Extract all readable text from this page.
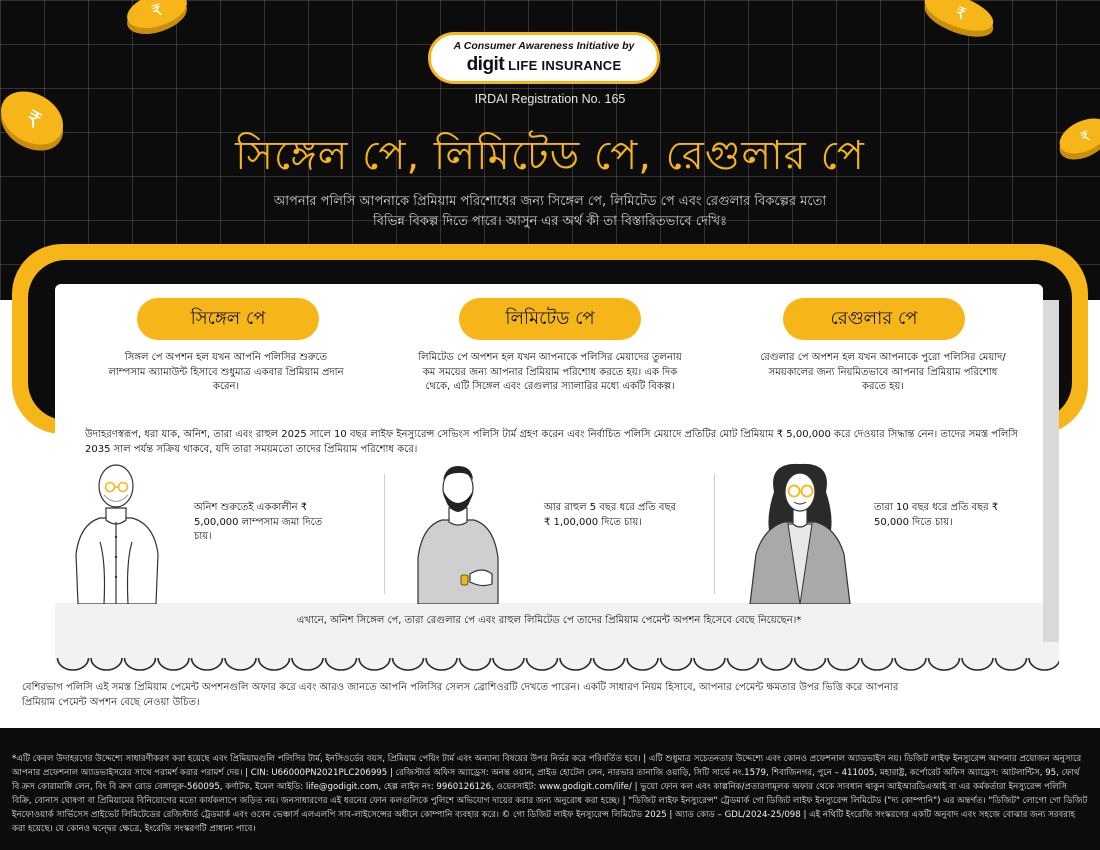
₹	₹
₹
₹
A Consumer Awareness Initiative by
digit LIFE INSURANCE
IRDAI Registration No. 165
সিঙ্গেল পে, লিমিটেড পে, রেগুলার পে
আপনার পলিসি আপনাকে প্রিমিয়াম পরিশোধের জন্য সিঙ্গেল পে, লিমিটেড পে এবং রেগুলার বিকল্পের মতো
বিভিন্ন বিকল্প দিতে পারে। আসুন এর অর্থ কী তা বিস্তারিতভাবে দেখিঃ
সিঙ্গেল পে	লিমিটেড পে	রেগুলার পে
সিঙ্গল পে অপশন হল যখন আপনি পলিসির শুরুতে লাম্পসাম অ্যামাউন্ট হিসাবে শুধুমাত্র একবার প্রিমিয়াম প্রদান করেন।
লিমিটেড পে অপশন হল যখন আপনাকে পলিসির মেয়াদের তুলনায় কম সময়ের জন্য আপনার প্রিমিয়াম পরিশোধ করতে হয়। এক দিক থেকে, এটি সিঙ্গেল এবং রেগুলার স্যালারির মধ্যে একটি বিকল্প।
রেগুলার পে অপশন হল যখন আপনাকে পুরো পলিসির মেয়াদ/সময়কালের জন্য নিয়মিতভাবে আপনার প্রিমিয়াম পরিশোধ করতে হয়।
উদাহরণস্বরূপ, ধরা যাক, অনিশ, তারা এবং রাহুল 2025 সালে 10 বছর লাইফ ইনস্যুরেন্স সেভিংস পলিসি টার্ম গ্রহণ করেন এবং নির্বাচিত পলিসি মেয়াদে প্রতিটির মোট প্রিমিয়াম ₹ 5,00,000 করে দেওয়ার সিদ্ধান্ত নেন। তাদের সমস্ত পলিসি 2035 সাল পর্যন্ত সক্রিয় থাকবে, যদি তারা সময়মতো তাদের প্রিমিয়াম পরিশোধ করে।
অনিশ শুরুতেই এককালীন ₹ 5,00,000 লাম্পসাম জমা দিতে চায়।
আর রাহুল 5 বছর ধরে প্রতি বছর ₹ 1,00,000 দিতে চায়।
তারা 10 বছর ধরে প্রতি বছর ₹ 50,000 দিতে চায়।
এখানে, অনিশ সিঙ্গেল পে, তারা রেগুলার পে এবং রাহুল লিমিটেড পে তাদের প্রিমিয়াম পেমেন্ট অপশন হিসেবে বেছে নিয়েছেন।*
বেশিরভাগ পলিসি এই সমস্ত প্রিমিয়াম পেমেন্ট অপশনগুলি অফার করে এবং আরও জানতে আপনি পলিসির সেলস ব্রোশিওরটি দেখতে পারেন। একটি সাধারণ নিয়ম হিসাবে, আপনার পেমেন্ট ক্ষমতার উপর ভিত্তি করে আপনার প্রিমিয়াম পেমেন্ট অপশন বেছে নেওয়া উচিত।
*এটি কেবল উদাহরণের উদ্দেশ্যে সাধারণীকরণ করা হয়েছে এবং প্রিমিয়ামগুলি পলিসির টার্ম, ইনসিওর্ডের বয়স, প্রিমিয়াম পেয়িং টার্ম এবং অন্যান্য বিষয়ের উপর নির্ভর করে পরিবর্তিত হবে। | এটি শুধুমাত্র সচেতনতার উদ্দেশ্যে এবং কোনও প্রফেশনাল অ্যাডভাইস নয়। ডিজিট লাইফ ইনস্যুরেন্স আপনার প্রয়োজন অনুসারে আপনার প্রফেশনাল অ্যাডভাইসরের সাথে পরামর্শ করার পরামর্শ দেয়। | CIN: U66000PN2021PLC206995 | রেজিস্টার্ড অফিস অ্যাড্রেস: অনন্ত ওয়ান, প্রাইড হোটেল লেন, নারভার তানাজি ওয়াড়ি, সিটি সার্ভে নং.1579, শিবাজিনগর, পুনে – 411005, মহারাষ্ট্র, কর্পোরেট অফিস অ্যাড্রেস: আটলান্টিস, 95, ফোর্থ বি ক্রস কোরামাঙ্গি লেন, বিং বি ক্রস রোড বেঙ্গালুরু-560095, কর্ণাটক, ইমেল আইডি: life@godigit.com, হেল্প লাইন নং: 9960126126, ওয়েবসাইট: www.godigit.com/life/ | ভুয়ো ফোন কল এবং কাল্পনিক/প্রতারণামূলক অফার থেকে সাবধান থাকুন আইআরডিএআই বা এর কর্মকর্তারা ইনস্যুরেন্স পলিসি বিক্রি, বোনাস ঘোষণা বা প্রিমিয়ামের বিনিয়োগের মতো কার্যকলাপে জড়িত নয়। জনসাধারণের এই ধরনের ফোন কলগুলিকে পুলিশে অভিযোগ দায়ের করার জন্য অনুরোধ করা হচ্ছে। | "ডিজিট লাইফ ইনস্যুরেন্স" ট্রেডমার্ক গো ডিজিট লাইফ ইনস্যুরেন্স লিমিটেড ("দ্য কোম্পানি") এর অন্তর্গত। "ডিজিট" লোগো গো ডিজিট ইনফোওয়ার্ক সার্ভিসেস প্রাইভেট লিমিটেডের রেজিস্টার্ড ট্রেডমার্ক এবং ওবেন ভেঞ্চার্স এলএলপি সাব-লাইসেন্সের অধীনে কোম্পানি ব্যবহার করে। © গো ডিজিট লাইফ ইনস্যুরেন্স লিমিটেড 2025 | অ্যাড কোড – GDL/2024-25/098 | এই নথিটি ইংরেজি সংস্করণের একটি অনুবাদ এবং সহজে বোঝার জন্য সরবরাহ করা হয়েছে। যে কোনও দ্বন্দ্বের ক্ষেত্রে, ইংরেজি সংস্করণটি প্রাধান্য পাবে।
